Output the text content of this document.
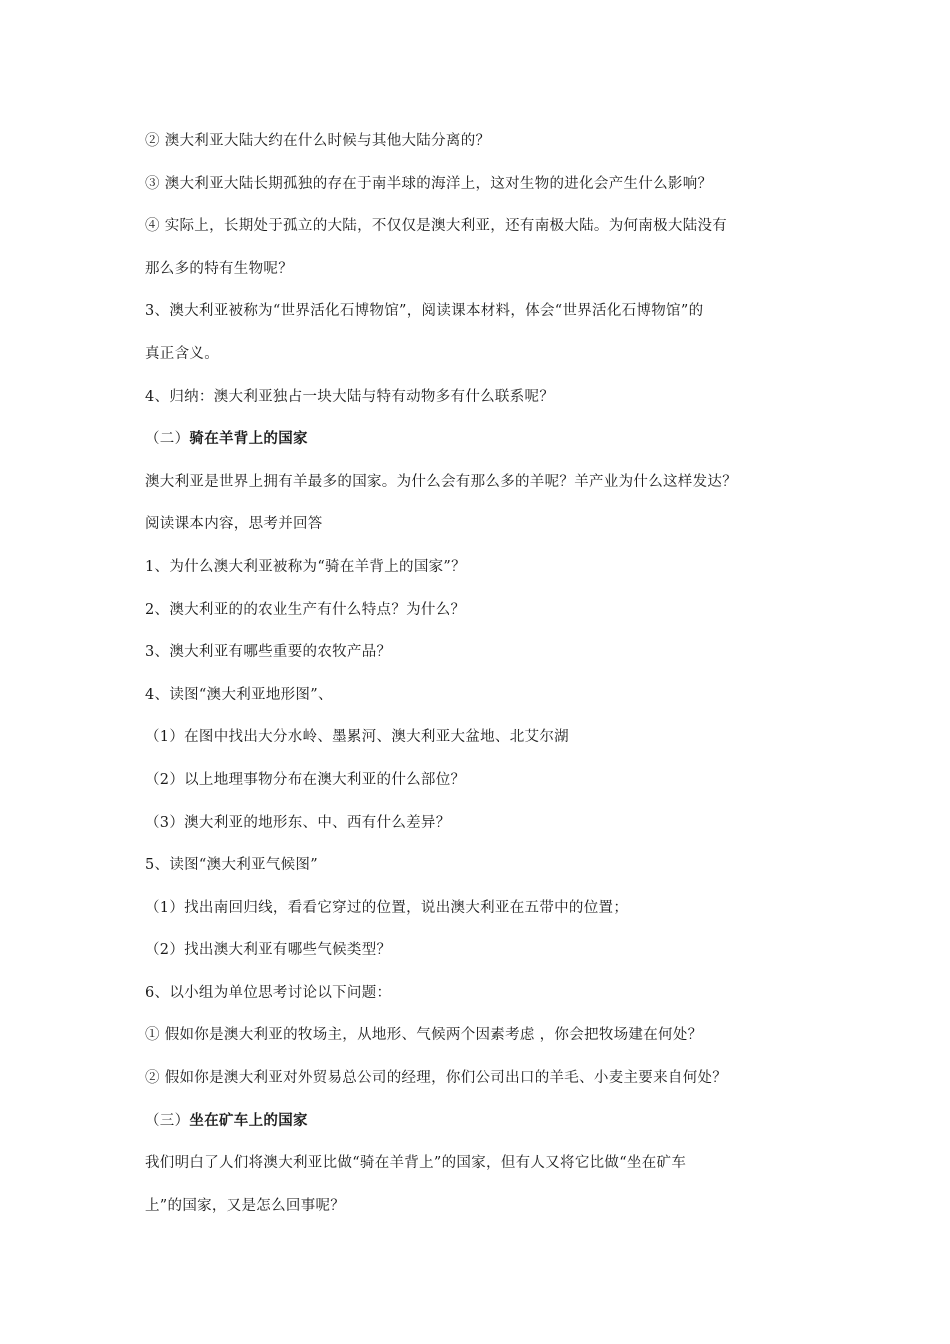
② 澳大利亚大陆大约在什么时候与其他大陆分离的？
③ 澳大利亚大陆长期孤独的存在于南半球的海洋上，这对生物的进化会产生什么影响？
④ 实际上，长期处于孤立的大陆，不仅仅是澳大利亚，还有南极大陆。为何南极大陆没有
那么多的特有生物呢？
3、澳大利亚被称为“世界活化石博物馆”，阅读课本材料，体会“世界活化石博物馆”的
真正含义。
4、归纳：澳大利亚独占一块大陆与特有动物多有什么联系呢？
（二）骑在羊背上的国家
澳大利亚是世界上拥有羊最多的国家。为什么会有那么多的羊呢？羊产业为什么这样发达？
阅读课本内容，思考并回答
1、为什么澳大利亚被称为“骑在羊背上的国家”？
2、澳大利亚的的农业生产有什么特点？为什么？
3、澳大利亚有哪些重要的农牧产品？
4、读图“澳大利亚地形图”、
（1）在图中找出大分水岭、墨累河、澳大利亚大盆地、北艾尔湖
（2）以上地理事物分布在澳大利亚的什么部位？
（3）澳大利亚的地形东、中、西有什么差异？
5、读图“澳大利亚气候图”
（1）找出南回归线，看看它穿过的位置，说出澳大利亚在五带中的位置；
（2）找出澳大利亚有哪些气候类型？
6、以小组为单位思考讨论以下问题：
① 假如你是澳大利亚的牧场主，从地形、气候两个因素考虑 ，你会把牧场建在何处？
② 假如你是澳大利亚对外贸易总公司的经理，你们公司出口的羊毛、小麦主要来自何处？
（三）坐在矿车上的国家
我们明白了人们将澳大利亚比做“骑在羊背上”的国家，但有人又将它比做“坐在矿车
上”的国家，又是怎么回事呢？
